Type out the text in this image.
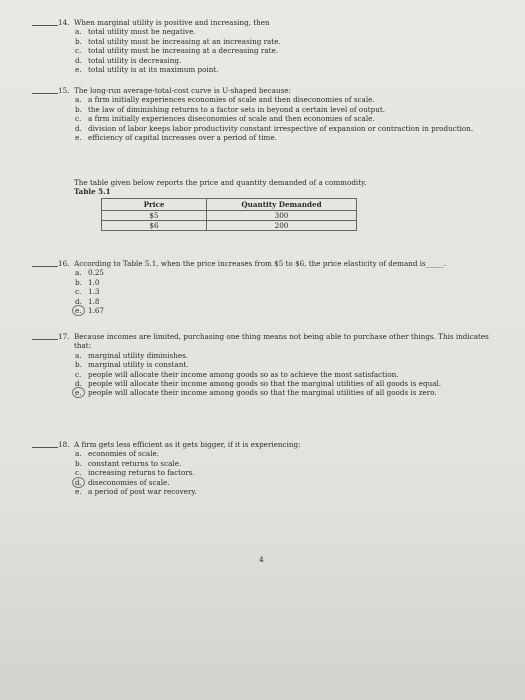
14. When marginal utility is positive and increasing, then
a. total utility must be negative.
b. total utility must be increasing at an increasing rate.
c. total utility must be increasing at a decreasing rate.
d. total utility is decreasing.
e. total utility is at its maximum point.
15. The long-run average-total-cost curve is U-shaped because:
a. a firm initially experiences economies of scale and then diseconomies of scale.
b. the law of diminishing returns to a factor sets in beyond a certain level of output.
c. a firm initially experiences diseconomies of scale and then economies of scale.
d. division of labor keeps labor productivity constant irrespective of expansion or contraction in production.
e. efficiency of capital increases over a period of time.
The table given below reports the price and quantity demanded of a commodity.
Table 5.1
Price	Quantity Demanded
$5	300
$6	200
16. According to Table 5.1, when the price increases from $5 to $6, the price elasticity of demand is_____.
a. 0.25
b. 1.0
c. 1.3
d. 1.8
e. 1.67
17. Because incomes are limited, purchasing one thing means not being able to purchase other things. This indicates that:
a. marginal utility diminishes.
b. marginal utility is constant.
c. people will allocate their income among goods so as to achieve the most satisfaction.
d. people will allocate their income among goods so that the marginal utilities of all goods is equal.
e. people will allocate their income among goods so that the marginal utilities of all goods is zero.
18. A firm gets less efficient as it gets bigger, if it is experiencing:
a. economies of scale.
b. constant returns to scale.
c. increasing returns to factors.
d. diseconomies of scale.
e. a period of post war recovery.
4
